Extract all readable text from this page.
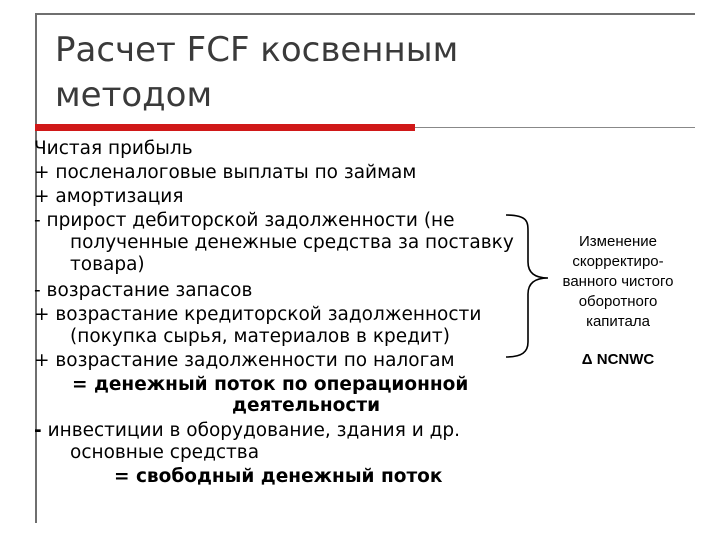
Расчет FCF косвенным
методом
Чистая прибыль
+ посленалоговые выплаты по займам
+ амортизация
- прирост дебиторской задолженности (не
полученные денежные средства за поставку
товара)
- возрастание запасов
+ возрастание кредиторской задолженности
(покупка сырья, материалов в кредит)
+ возрастание задолженности по налогам
= денежный поток по операционной
деятельности
- инвестиции в оборудование, здания и др.
основные средства
= свободный денежный поток
Изменение
скорректиро-
ванного чистого
оборотного
капитала
Δ NCNWC
